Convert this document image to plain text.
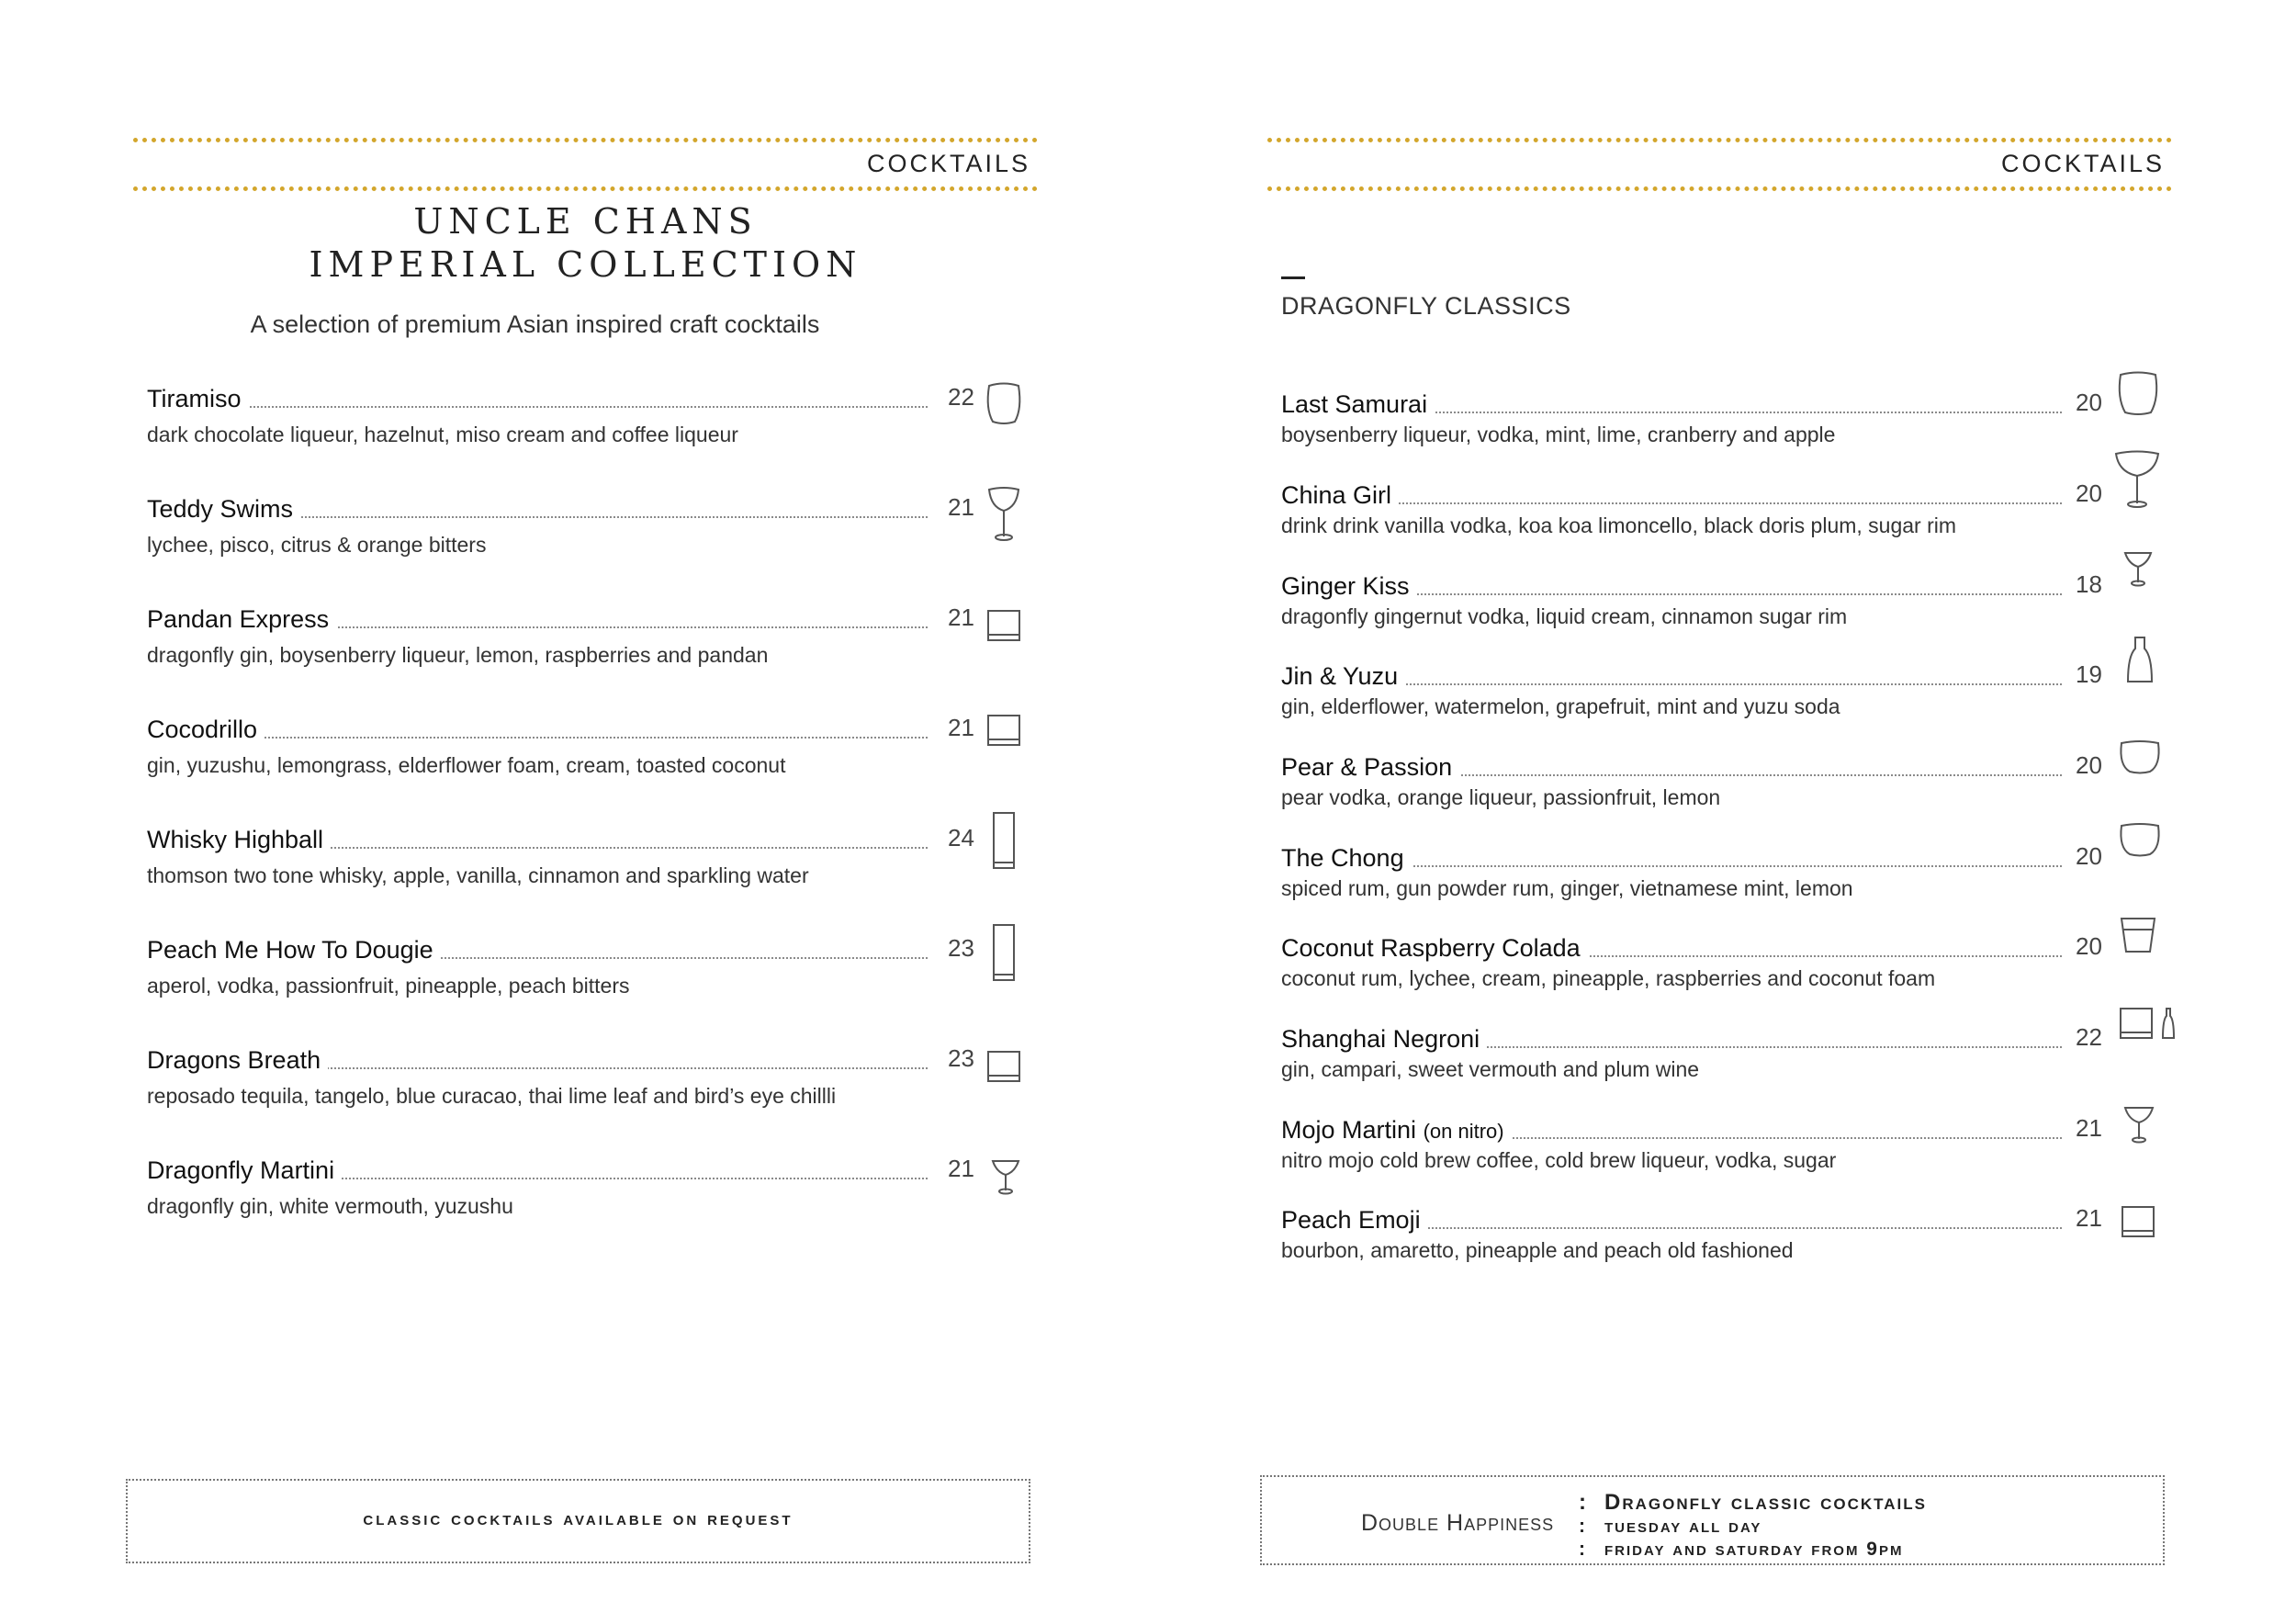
COCKTAILS
UNCLE CHANS
IMPERIAL COLLECTION
A selection of premium Asian inspired craft cocktails
Tiramiso	22
dark chocolate liqueur, hazelnut, miso cream and coffee liqueur
Teddy Swims	21
lychee, pisco, citrus & orange bitters
Pandan Express	21
dragonfly gin, boysenberry liqueur, lemon, raspberries and pandan
Cocodrillo	21
gin, yuzushu, lemongrass, elderflower foam, cream, toasted coconut
Whisky Highball	24
thomson two tone whisky, apple, vanilla, cinnamon and sparkling water
Peach Me How To Dougie	23
aperol, vodka, passionfruit, pineapple, peach bitters
Dragons Breath	23
reposado tequila, tangelo, blue curacao, thai lime leaf and bird’s eye chillli
Dragonfly Martini	21
dragonfly gin, white vermouth, yuzushu
classic cocktails available on request
COCKTAILS
DRAGONFLY CLASSICS
Last Samurai	20
boysenberry liqueur, vodka, mint, lime, cranberry and apple
China Girl	20
drink drink vanilla vodka, koa koa limoncello, black doris plum, sugar rim
Ginger Kiss	18
dragonfly gingernut vodka, liquid cream, cinnamon sugar rim
Jin & Yuzu	19
gin, elderflower, watermelon, grapefruit, mint and yuzu soda
Pear & Passion	20
pear vodka, orange liqueur, passionfruit, lemon
The Chong	20
spiced rum, gun powder rum, ginger, vietnamese mint, lemon
Coconut Raspberry Colada	20
coconut rum, lychee, cream, pineapple, raspberries and coconut foam
Shanghai Negroni	22
gin, campari, sweet vermouth and plum wine
Mojo Martini (on nitro)	21
nitro mojo cold brew coffee, cold brew liqueur, vodka, sugar
Peach Emoji	21
bourbon, amaretto, pineapple and peach old fashioned
Double Happiness
: Dragonfly classic cocktails
: tuesday all day
: friday and saturday from 9pm
